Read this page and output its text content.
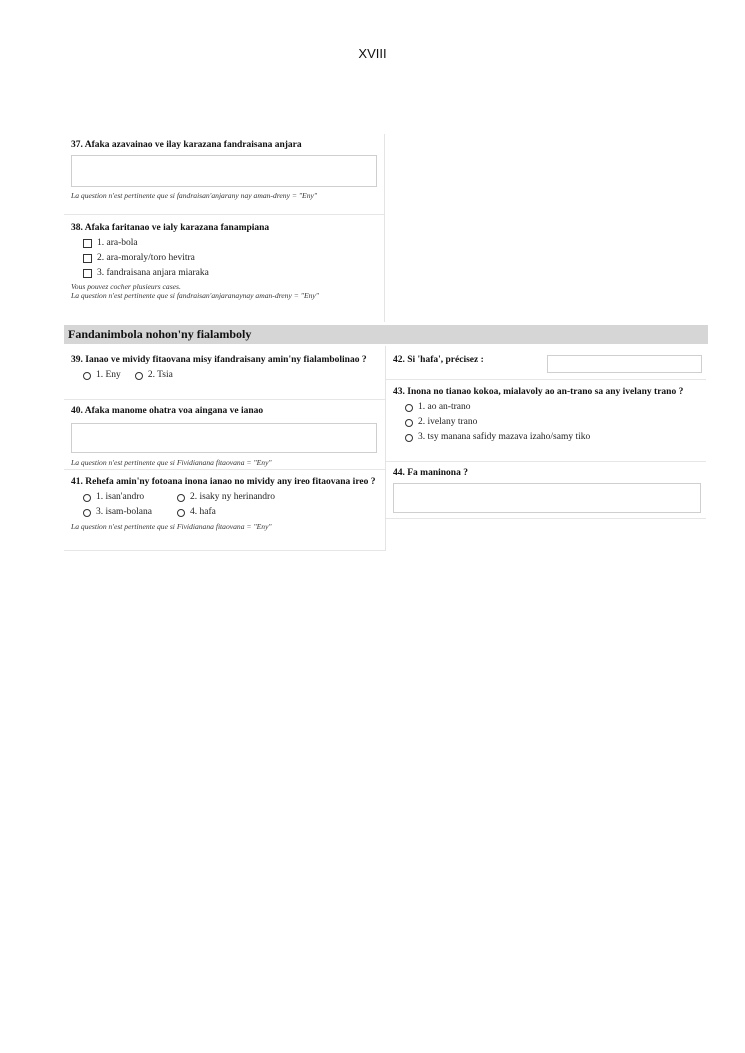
XVIII
37. Afaka azavainao ve ilay karazana fandraisana anjara
La question n'est pertinente que si fandraisan'anjarany nay aman-dreny = "Eny"
38. Afaka faritanao ve ialy karazana fanampiana
1. ara-bola
2. ara-moraly/toro hevitra
3. fandraisana anjara miaraka
Vous pouvez cocher plusieurs cases.
La question n'est pertinente que si fandraisan'anjaranaynay aman-dreny = "Eny"
Fandanimbola nohon'ny fialamboly
39. Ianao ve mividy fitaovana misy ifandraisany amin'ny fialambolinao ?
1. Eny	2. Tsia
40. Afaka manome ohatra voa aingana ve ianao
La question n'est pertinente que si Fividianana fitaovana = "Eny"
41. Rehefa amin'ny fotoana inona ianao no mividy any ireo fitaovana ireo ?
1. isan'andro	2. isaky ny herinandro
3. isam-bolana	4. hafa
La question n'est pertinente que si Fividianana fitaovana = "Eny"
42. Si 'hafa', précisez :
43. Inona no tianao kokoa, mialavoly ao an-trano sa any ivelany trano ?
1. ao an-trano
2. ivelany trano
3. tsy manana safidy mazava izaho/samy tiko
44. Fa maninona ?
